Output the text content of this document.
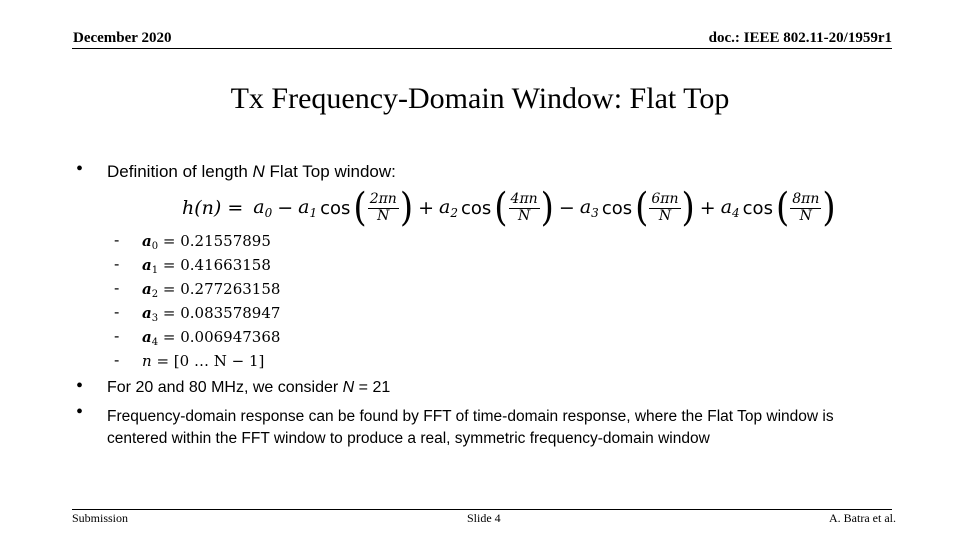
December 2020	doc.: IEEE 802.11-20/1959r1
Tx Frequency-Domain Window: Flat Top
• Definition of length N Flat Top window:
$h(n) = a_0 - a_1$ cos ( $\frac{2\pi n}{N}$ ) + $a_2$ cos ( $\frac{4\pi n}{N}$ ) − $a_3$ cos ( $\frac{6\pi n}{N}$ ) + $a_4$ cos ( $\frac{8\pi n}{N}$ )
- $a_0 = 0.21557895$
- $a_1 = 0.41663158$
- $a_2 = 0.277263158$
- $a_3 = 0.083578947$
- $a_4 = 0.006947368$
- n = [0 … N − 1]
• For 20 and 80 MHz, we consider N = 21
• Frequency-domain response can be found by FFT of time-domain response, where the Flat Top window is
centered within the FFT window to produce a real, symmetric frequency-domain window
Submission	Slide 4	A. Batra et al.
